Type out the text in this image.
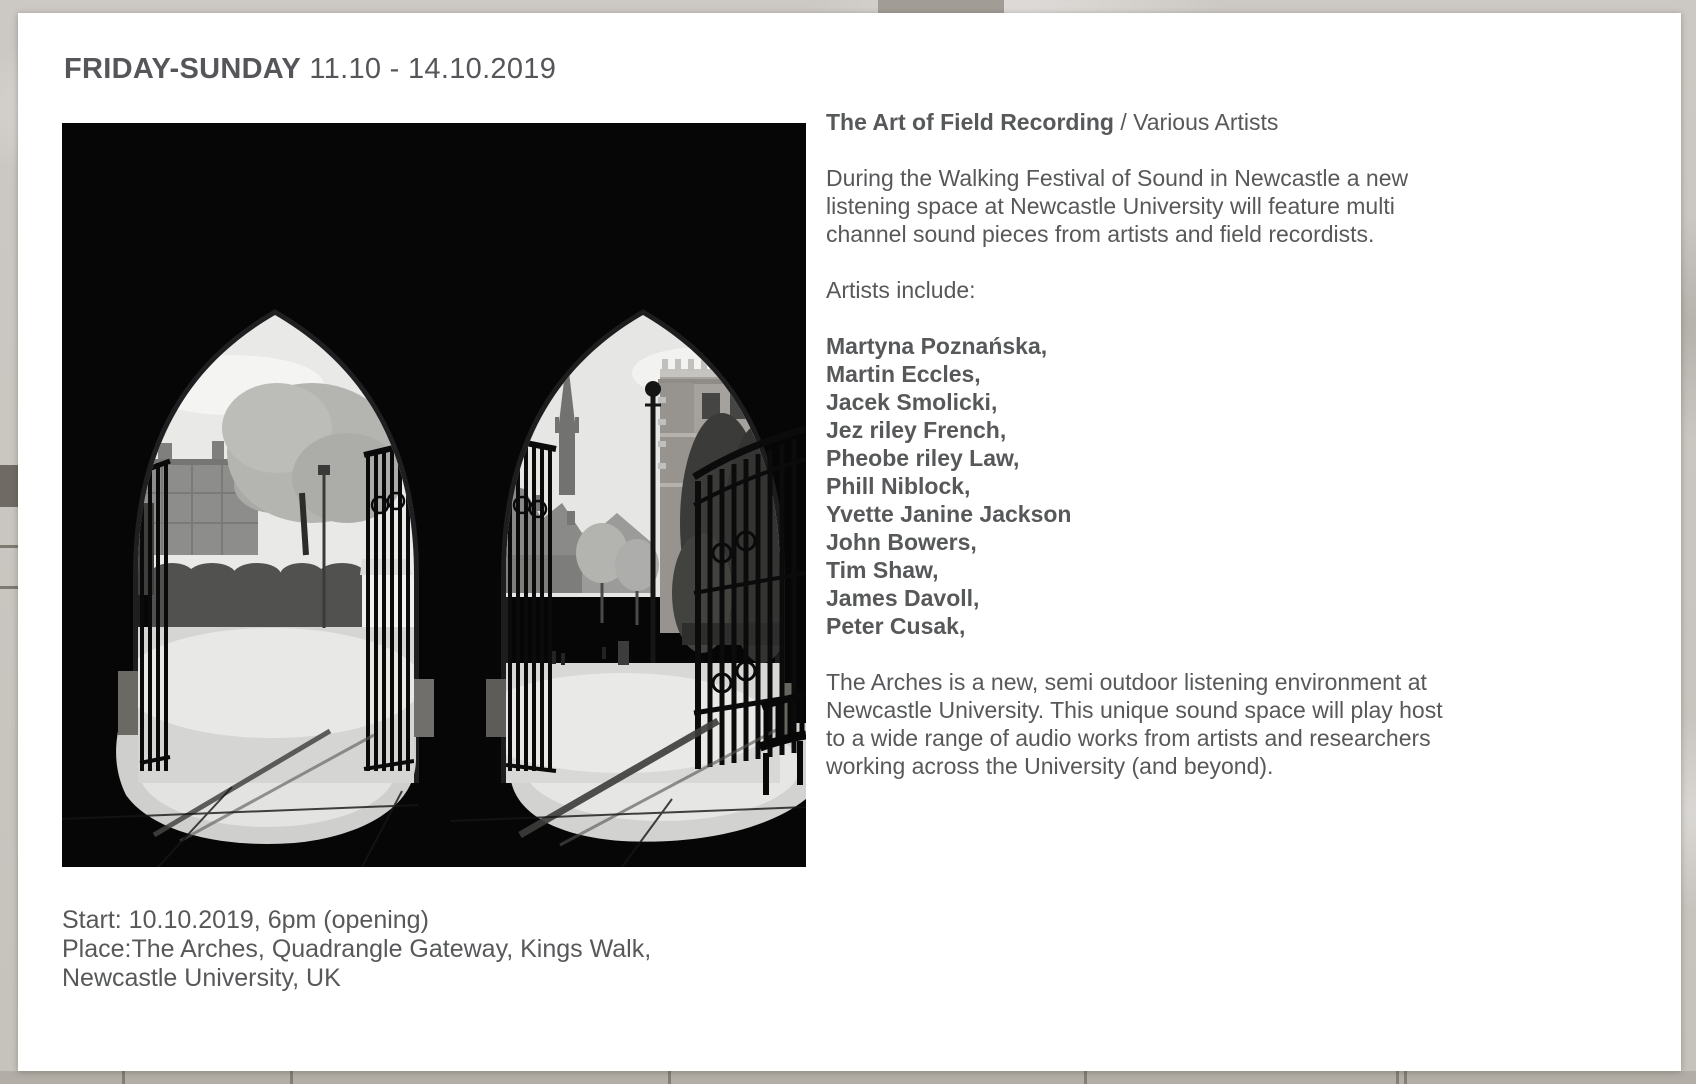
FRIDAY-SUNDAY 11.10 - 14.10.2019
The Art of Field Recording / Various Artists
During the Walking Festival of Sound in Newcastle a new listening space at Newcastle University will feature multi channel sound pieces from artists and field recordists.
Artists include:
Martyna Poznańska,
Martin Eccles,
Jacek Smolicki,
Jez riley French,
Pheobe riley Law,
Phill Niblock,
Yvette Janine Jackson
John Bowers,
Tim Shaw,
James Davoll,
Peter Cusak,
The Arches is a new, semi outdoor listening environment at Newcastle University. This unique sound space will play host to a wide range of audio works from artists and researchers working across the University (and beyond).
Start: 10.10.2019, 6pm (opening)
Place:The Arches, Quadrangle Gateway, Kings Walk,
Newcastle University, UK
